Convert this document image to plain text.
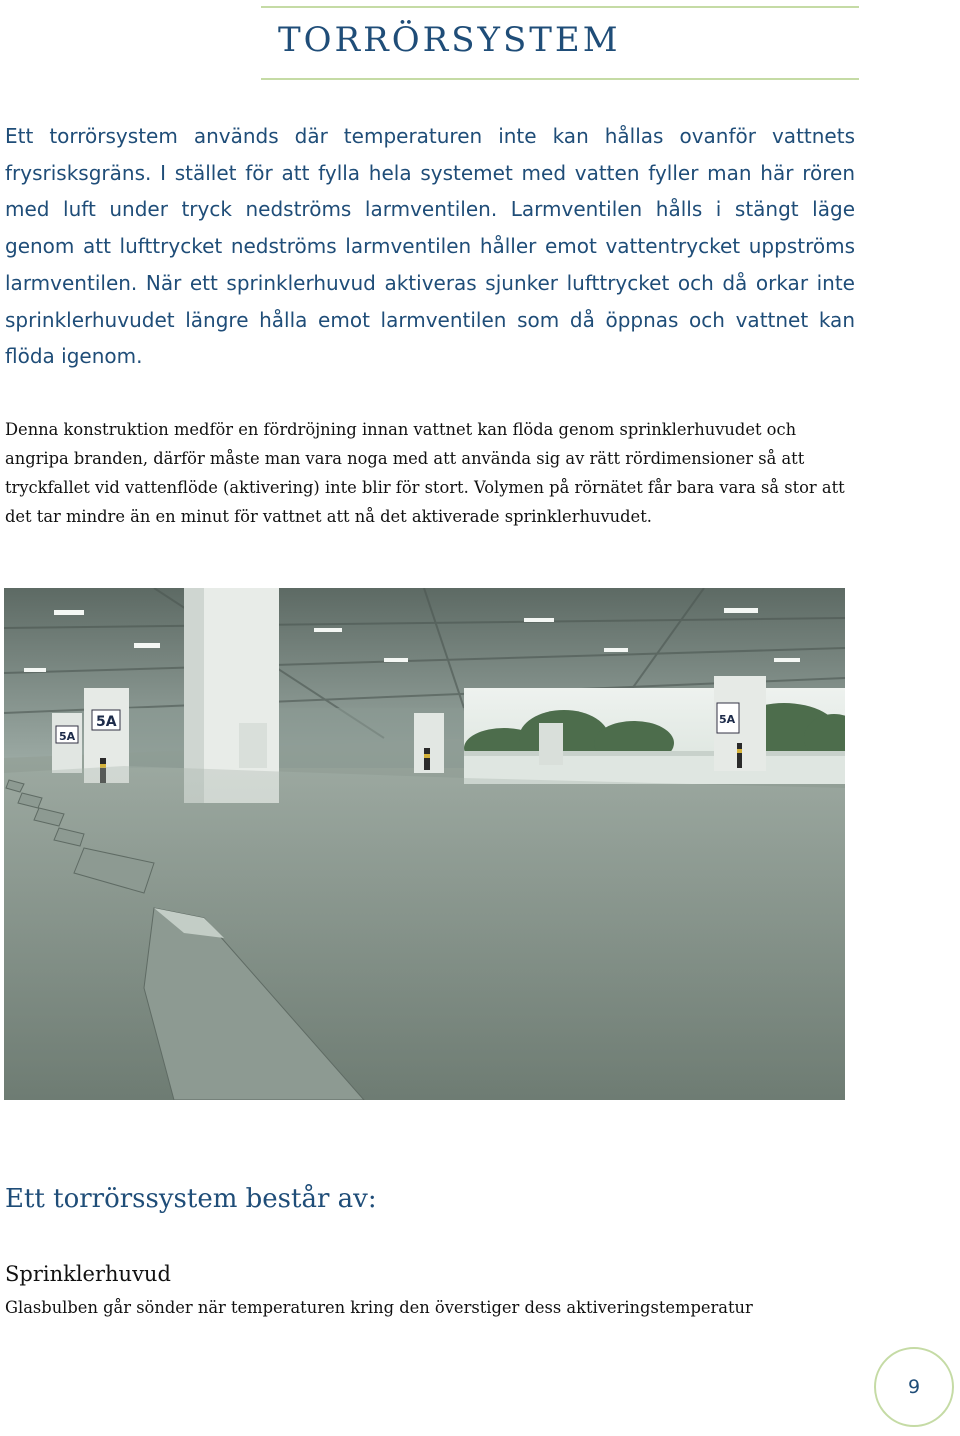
TORRÖRSYSTEM

Ett torrörsystem används där temperaturen inte kan hållas ovanför vattnets frysrisksgräns. I stället för att fylla hela systemet med vatten fyller man här rören med luft under tryck nedströms larmventilen. Larmventilen hålls i stängt läge genom att lufttrycket nedströms larmventilen håller emot vattentrycket uppströms larmventilen. När ett sprinklerhuvud aktiveras sjunker lufttrycket och då orkar inte sprinklerhuvudet längre hålla emot larmventilen som då öppnas och vattnet kan flöda igenom.

Denna konstruktion medför en fördröjning innan vattnet kan flöda genom sprinklerhuvudet och angripa branden, därför måste man vara noga med att använda sig av rätt rördimensioner så att tryckfallet vid vattenflöde (aktivering) inte blir för stort. Volymen på rörnätet får bara vara så stor att det tar mindre än en minut för vattnet att nå det aktiverade sprinklerhuvudet.

5A
5A
5A
Ett torrörssystem består av:
Sprinklerhuvud

Glasbulben går sönder när temperaturen kring den överstiger dess aktiveringstemperatur

9
